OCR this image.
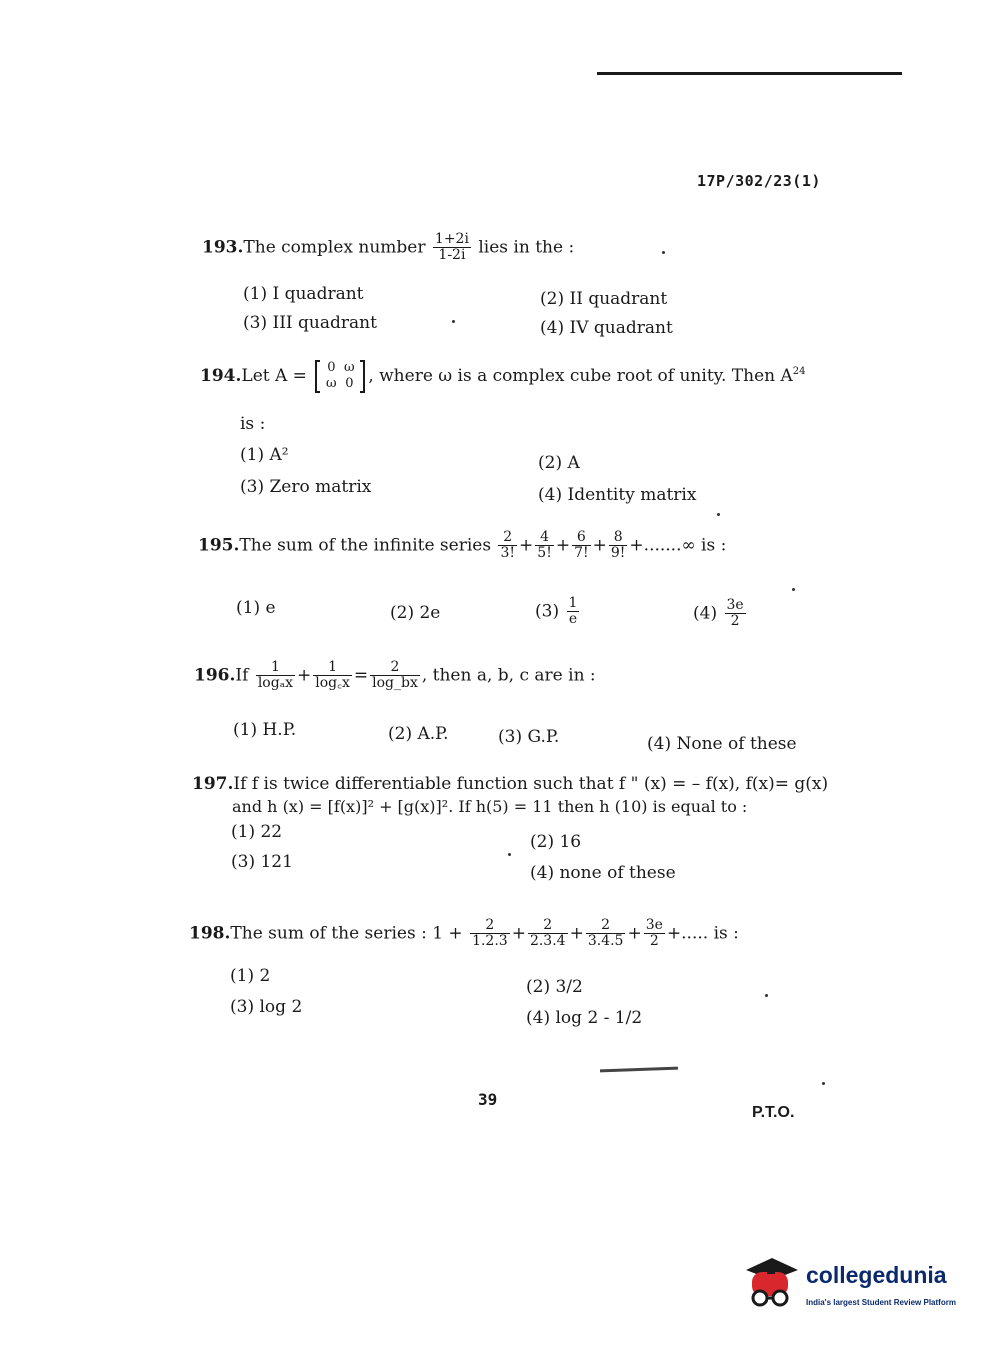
17P/302/23(1)
193.The complex number $\frac{1+2i}{1-2i}$ lies in the :
(1) I quadrant	(2) II quadrant
(3) III quadrant	(4) IV quadrant
194.Let A =	0 ω
ω 0 , where ω is a complex cube root of unity. Then $A^{24}$
is :
(1) A²	(2) A
(3) Zero matrix	(4) Identity matrix
195.The sum of the infinite series $\frac{2}{3!} + \frac{4}{5!} + \frac{6}{7!} + \frac{8}{9!}$ +.......∞ is :
(1) e	(2) 2e	$(3) \frac{1}{e}$	$(4) \frac{3e}{2}$
$196.If \frac{1}{\text{logₐx}} + \frac{1}{\log꜀x} = \frac{2}{\log\_bx}$ , then a, b, c are in :
(1) H.P.	(2) A.P.	(3) G.P.	(4) None of these
197.If f is twice differentiable function such that f " (x) = – f(x), f(x)= g(x)
and h (x) = [f(x)]² + [g(x)]². If h(5) = 11 then h (10) is equal to :
(1) 22	(2) 16
(3) 121
(4) none of these
198.The sum of the series : $1 + \frac{2}{1.2.3} + \frac{2}{2.3.4} + \frac{2}{3.4.5} + \frac{3e}{2}$ +..... is :
(1) 2
(2) 3/2
(3) log 2
(4) log 2 - 1/2
39
P.T.O.
collegedunia
India's largest Student Review Platform
